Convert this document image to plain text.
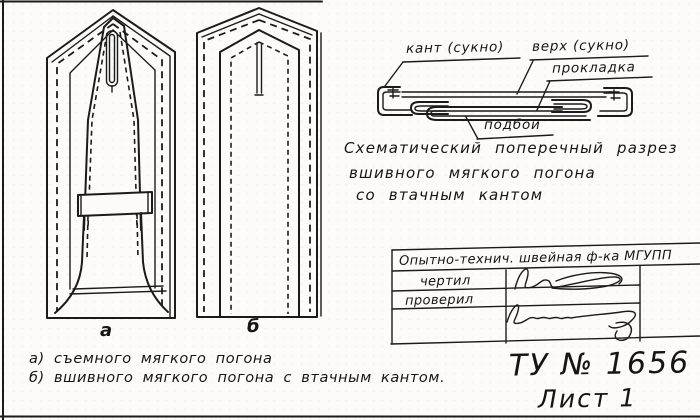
кант (сукно) верх (сукно)
прокладка
подбой
Схематический поперечный разрез
вшивного мягкого погона
со втачным кантом
а	б
Опытно-технич. швейная ф-ка МГУПП
чертил
проверил
ТУ № 1656
Лист 1
а) съемного мягкого погона
б) вшивного мягкого погона с втачным кантом.
